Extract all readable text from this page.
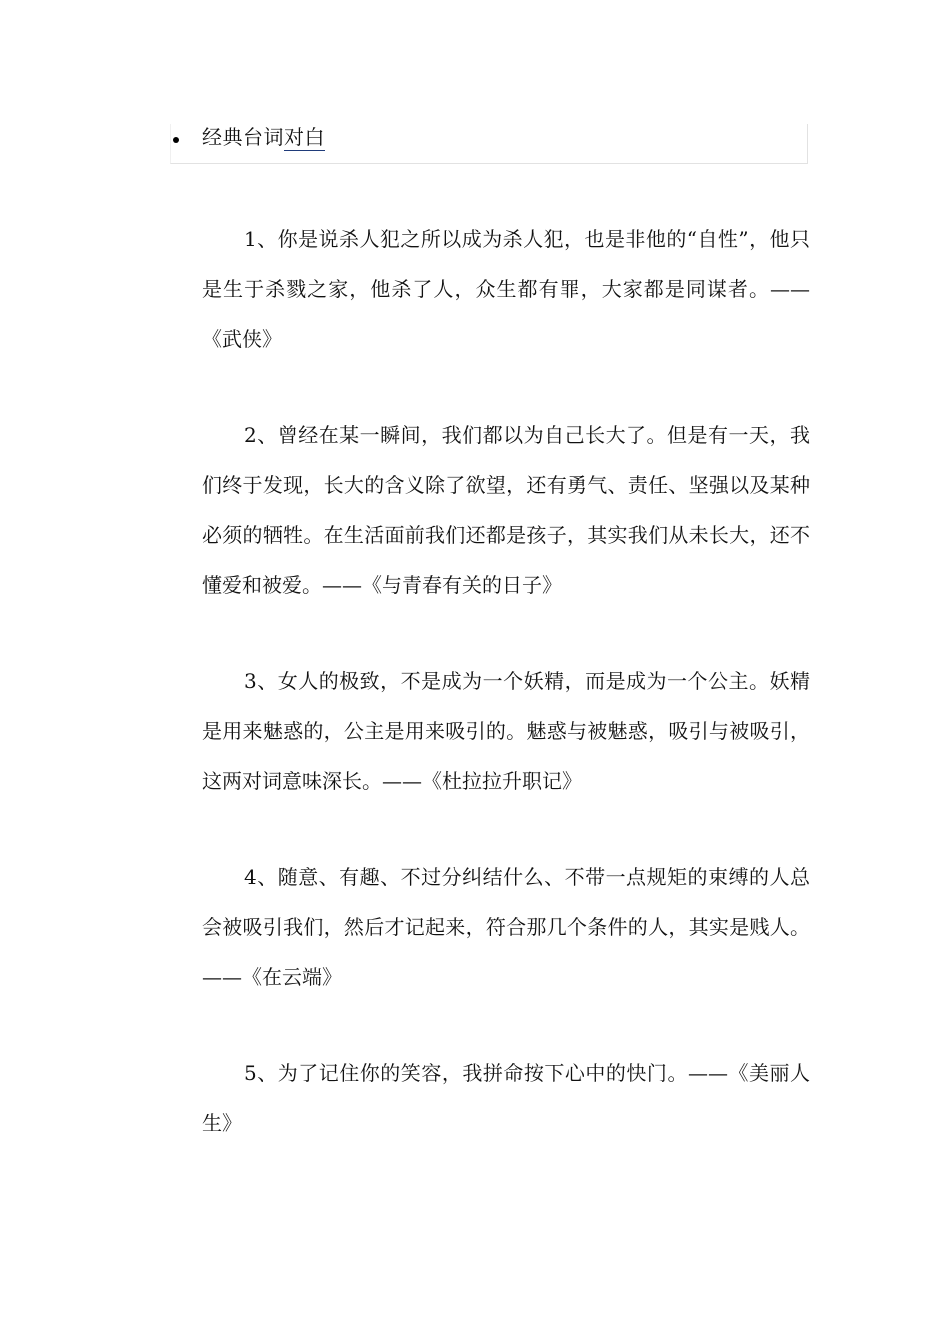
经典台词对白

1、你是说杀人犯之所以成为杀人犯，也是非他的“自性”，他只是生于杀戮之家，他杀了人，众生都有罪，大家都是同谋者。——《武侠》

2、曾经在某一瞬间，我们都以为自己长大了。但是有一天，我们终于发现，长大的含义除了欲望，还有勇气、责任、坚强以及某种必须的牺牲。在生活面前我们还都是孩子，其实我们从未长大，还不懂爱和被爱。——《与青春有关的日子》

3、女人的极致，不是成为一个妖精，而是成为一个公主。妖精是用来魅惑的，公主是用来吸引的。魅惑与被魅惑，吸引与被吸引，这两对词意味深长。——《杜拉拉升职记》

4、随意、有趣、不过分纠结什么、不带一点规矩的束缚的人总会被吸引我们，然后才记起来，符合那几个条件的人，其实是贱人。——《在云端》

5、为了记住你的笑容，我拼命按下心中的快门。——《美丽人生》
